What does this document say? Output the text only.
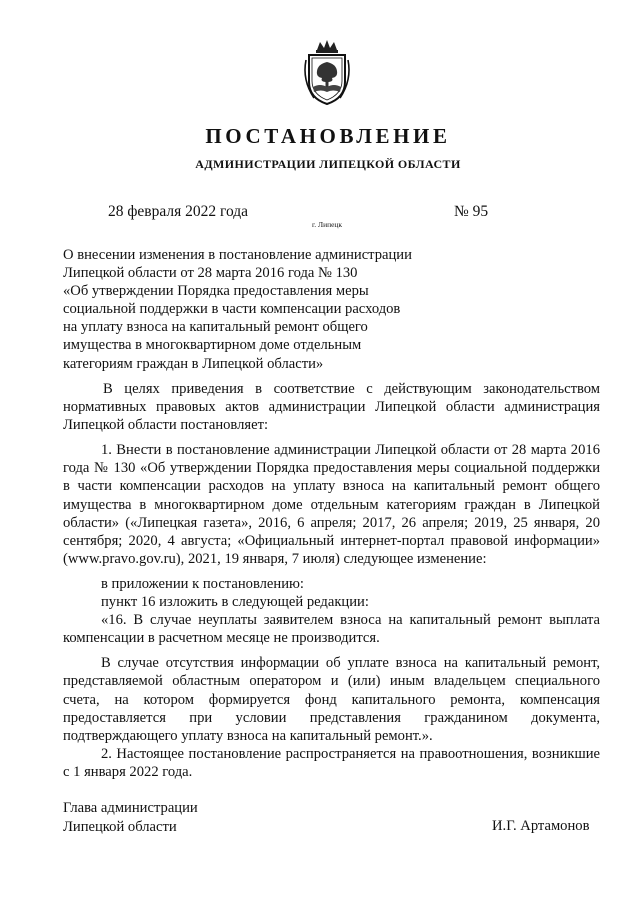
ПОСТАНОВЛЕНИЕ
АДМИНИСТРАЦИИ ЛИПЕЦКОЙ ОБЛАСТИ
28 февраля 2022 года
г. Липецк
№ 95
О внесении изменения в постановление администрации
Липецкой области от 28 марта 2016 года № 130
«Об утверждении Порядка предоставления меры
социальной поддержки в части компенсации расходов
на уплату взноса на капитальный ремонт общего
имущества в многоквартирном доме отдельным
категориям граждан в Липецкой области»

В целях приведения в соответствие с действующим законодательством нормативных правовых актов администрации Липецкой области администрация Липецкой области постановляет:

1. Внести в постановление администрации Липецкой области от 28 марта 2016 года № 130 «Об утверждении Порядка предоставления меры социальной поддержки в части компенсации расходов на уплату взноса на капитальный ремонт общего имущества в многоквартирном доме отдельным категориям граждан в Липецкой области» («Липецкая газета», 2016, 6 апреля; 2017, 26 апреля; 2019, 25 января, 20 сентября; 2020, 4 августа; «Официальный интернет-портал правовой информации» (www.pravo.gov.ru), 2021, 19 января, 7 июля) следующее изменение:

в приложении к постановлению:

пункт 16 изложить в следующей редакции:

«16. В случае неуплаты заявителем взноса на капитальный ремонт выплата компенсации в расчетном месяце не производится.

В случае отсутствия информации об уплате взноса на капитальный ремонт, представляемой областным оператором и (или) иным владельцем специального счета, на котором формируется фонд капитального ремонта, компенсация предоставляется при условии представления гражданином документа, подтверждающего уплату взноса на капитальный ремонт.».

2. Настоящее постановление распространяется на правоотношения, возникшие с 1 января 2022 года.

Глава администрации
Липецкой области	И.Г. Артамонов
